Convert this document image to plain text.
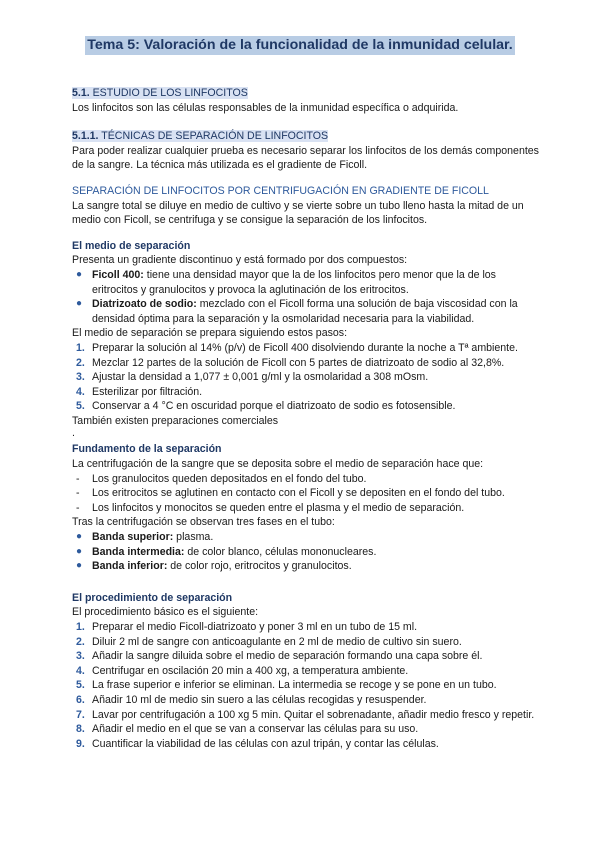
Tema 5: Valoración de la funcionalidad de la inmunidad celular.
5.1. ESTUDIO DE LOS LINFOCITOS

Los linfocitos son las células responsables de la inmunidad específica o adquirida.

5.1.1. TÉCNICAS DE SEPARACIÓN DE LINFOCITOS

Para poder realizar cualquier prueba es necesario separar los linfocitos de los demás componentes de la sangre. La técnica más utilizada es el gradiente de Ficoll.

SEPARACIÓN DE LINFOCITOS POR CENTRIFUGACIÓN EN GRADIENTE DE FICOLL

La sangre total se diluye en medio de cultivo y se vierte sobre un tubo lleno hasta la mitad de un medio con Ficoll, se centrifuga y se consigue la separación de los linfocitos.

El medio de separación

Presenta un gradiente discontinuo y está formado por dos compuestos:

● Ficoll 400: tiene una densidad mayor que la de los linfocitos pero menor que la de los eritrocitos y granulocitos y provoca la aglutinación de los eritrocitos.
● Diatrizoato de sodio: mezclado con el Ficoll forma una solución de baja viscosidad con la densidad óptima para la separación y la osmolaridad necesaria para la viabilidad.

El medio de separación se prepara siguiendo estos pasos:

1. Preparar la solución al 14% (p/v) de Ficoll 400 disolviendo durante la noche a Tª ambiente.
2. Mezclar 12 partes de la solución de Ficoll con 5 partes de diatrizoato de sodio al 32,8%.
3. Ajustar la densidad a 1,077 ± 0,001 g/ml y la osmolaridad a 308 mOsm.
4. Esterilizar por filtración.
5. Conservar a 4 °C en oscuridad porque el diatrizoato de sodio es fotosensible.

También existen preparaciones comerciales

.

Fundamento de la separación

La centrifugación de la sangre que se deposita sobre el medio de separación hace que:

- Los granulocitos queden depositados en el fondo del tubo.
- Los eritrocitos se aglutinen en contacto con el Ficoll y se depositen en el fondo del tubo.
- Los linfocitos y monocitos se queden entre el plasma y el medio de separación.

Tras la centrifugación se observan tres fases en el tubo:

● Banda superior: plasma.
● Banda intermedia: de color blanco, células mononucleares.
● Banda inferior: de color rojo, eritrocitos y granulocitos.

El procedimiento de separación

El procedimiento básico es el siguiente:

1. Preparar el medio Ficoll-diatrizoato y poner 3 ml en un tubo de 15 ml.
2. Diluir 2 ml de sangre con anticoagulante en 2 ml de medio de cultivo sin suero.
3. Añadir la sangre diluida sobre el medio de separación formando una capa sobre él.
4. Centrifugar en oscilación 20 min a 400 xg, a temperatura ambiente.
5. La frase superior e inferior se eliminan. La intermedia se recoge y se pone en un tubo.
6. Añadir 10 ml de medio sin suero a las células recogidas y resuspender.
7. Lavar por centrifugación a 100 xg 5 min. Quitar el sobrenadante, añadir medio fresco y repetir.
8. Añadir el medio en el que se van a conservar las células para su uso.
9. Cuantificar la viabilidad de las células con azul tripán, y contar las células.
